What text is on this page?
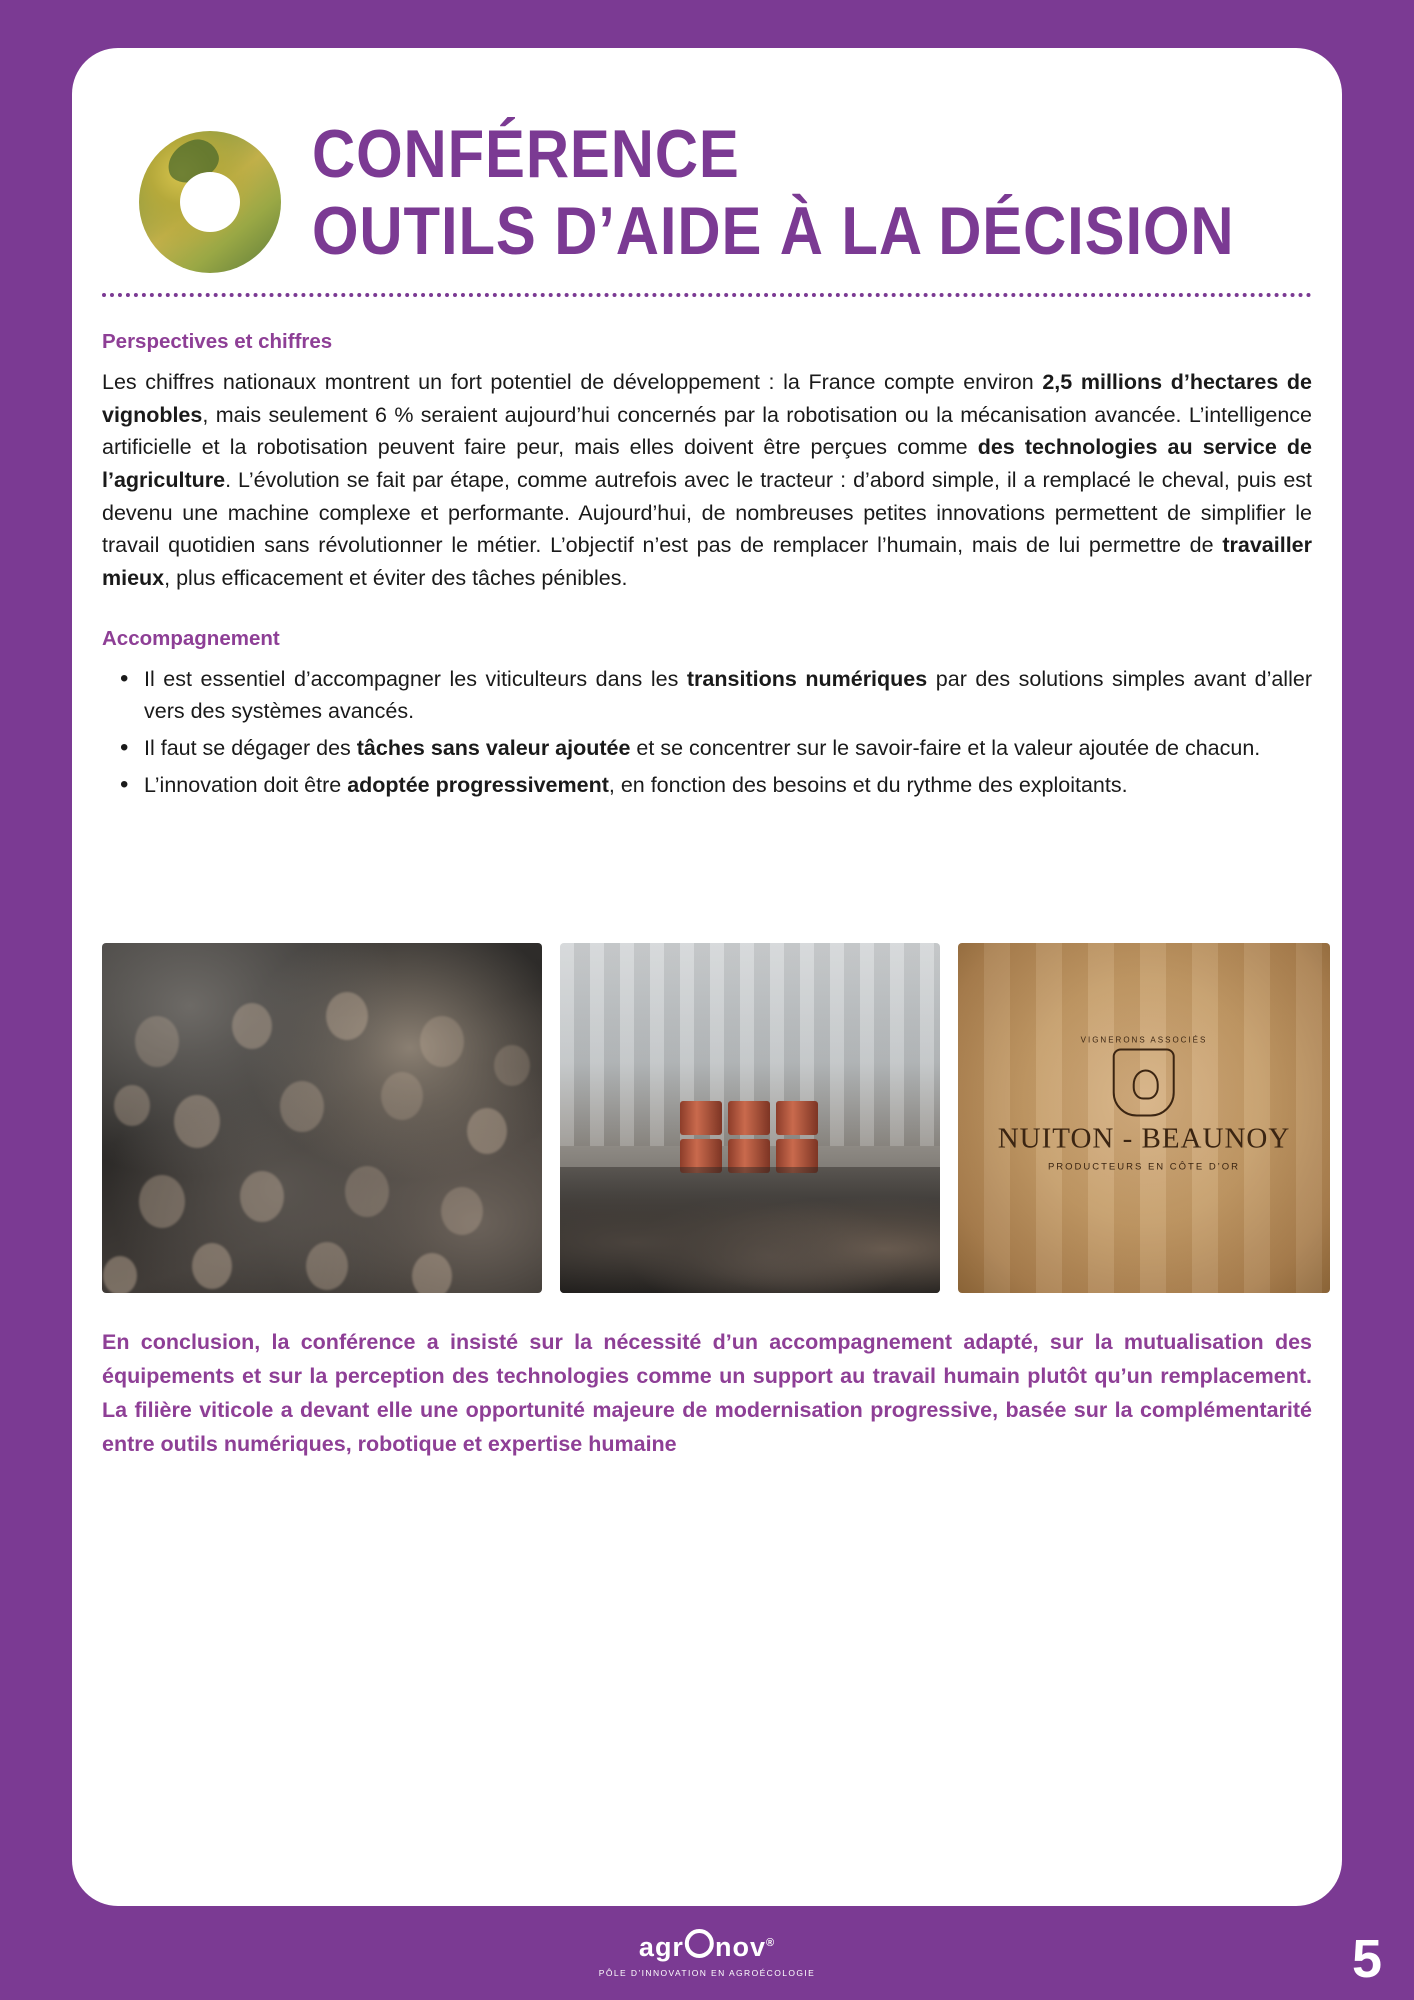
CONFÉRENCE
OUTILS D’AIDE À LA DÉCISION
Perspectives et chiffres

Les chiffres nationaux montrent un fort potentiel de développement : la France compte environ 2,5 millions d’hectares de vignobles, mais seulement 6 % seraient aujourd’hui concernés par la robotisation ou la mécanisation avancée. L’intelligence artificielle et la robotisation peuvent faire peur, mais elles doivent être perçues comme des technologies au service de l’agriculture. L’évolution se fait par étape, comme autrefois avec le tracteur : d’abord simple, il a remplacé le cheval, puis est devenu une machine complexe et performante. Aujourd’hui, de nombreuses petites innovations permettent de simplifier le travail quotidien sans révolutionner le métier. L’objectif n’est pas de remplacer l’humain, mais de lui permettre de travailler mieux, plus efficacement et éviter des tâches pénibles.

Accompagnement
• Il est essentiel d’accompagner les viticulteurs dans les transitions numériques par des solutions simples avant d’aller vers des systèmes avancés.
• Il faut se dégager des tâches sans valeur ajoutée et se concentrer sur le savoir-faire et la valeur ajoutée de chacun.
• L’innovation doit être adoptée progressivement, en fonction des besoins et du rythme des exploitants.
VIGNERONS ASSOCIÉS
NUITON - BEAUNOY
PRODUCTEURS EN CÔTE D’OR
En conclusion, la conférence a insisté sur la nécessité d’un accompagnement adapté, sur la mutualisation des équipements et sur la perception des technologies comme un support au travail humain plutôt qu’un remplacement. La filière viticole a devant elle une opportunité majeure de modernisation progressive, basée sur la complémentarité entre outils numériques, robotique et expertise humaine
agr nov®
PÔLE D’INNOVATION EN AGROÉCOLOGIE	5
